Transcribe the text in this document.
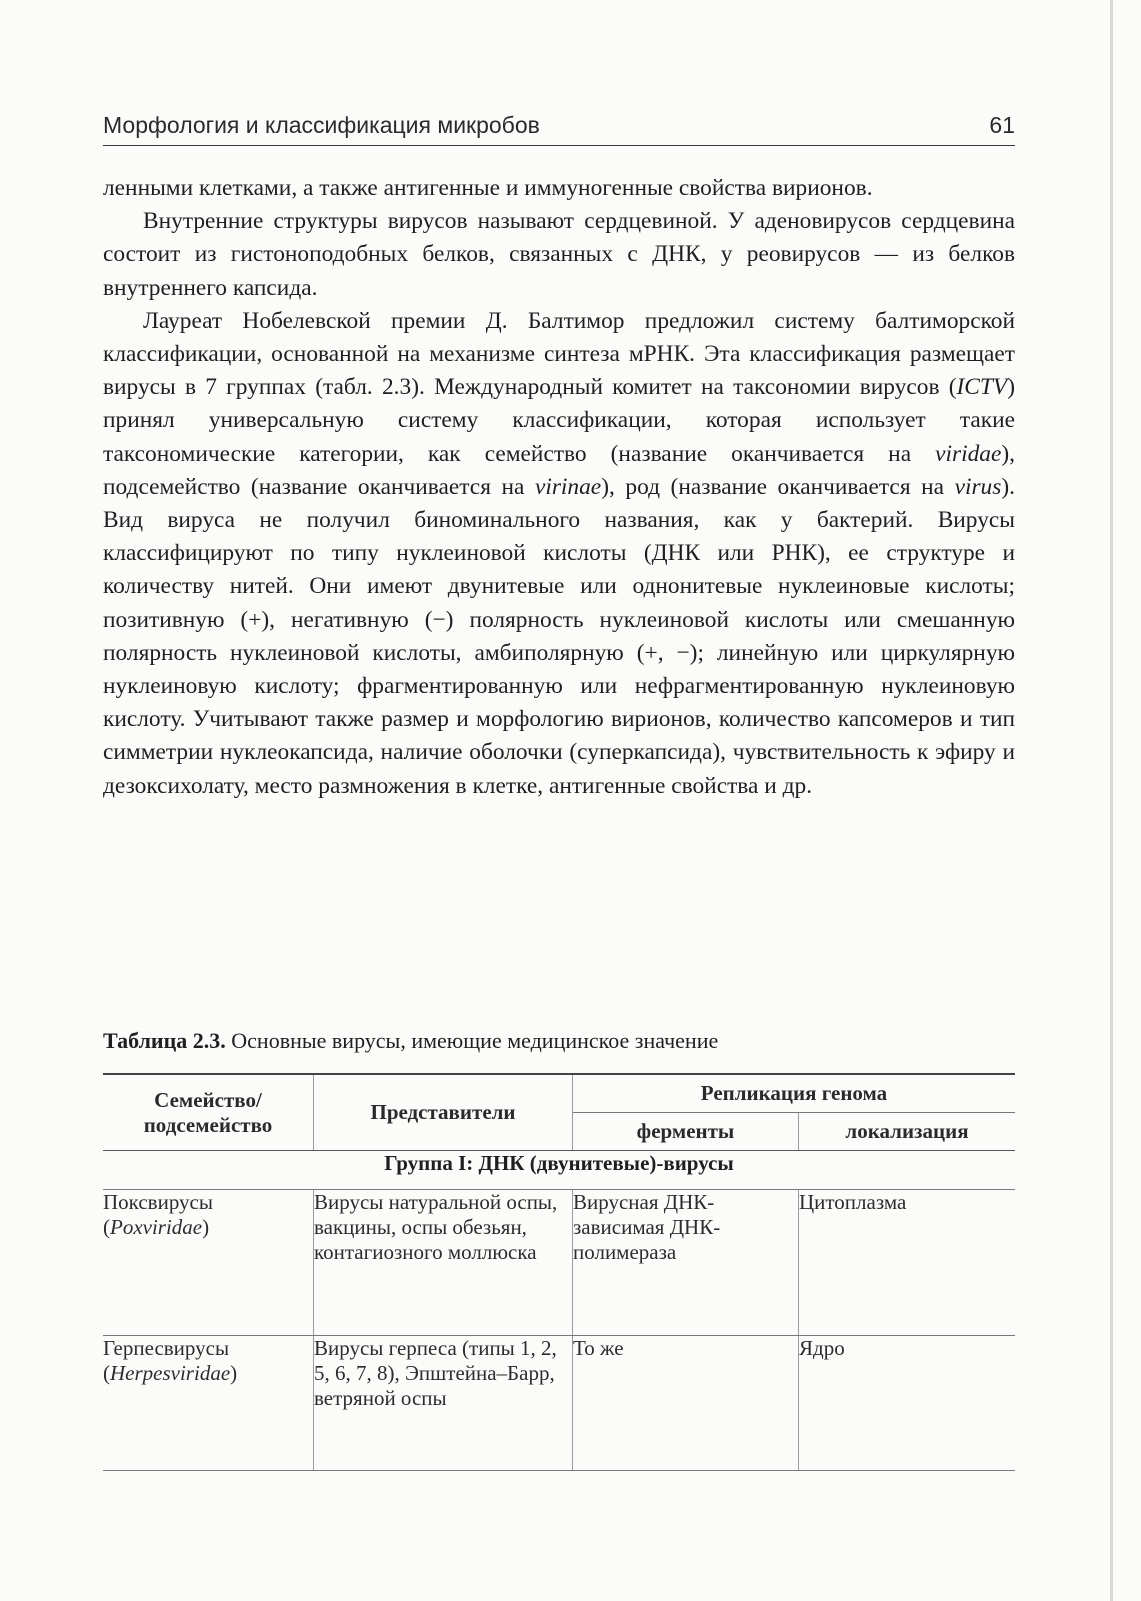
Морфология и классификация микробов	61

ленными клетками, а также антигенные и иммуногенные свойства вирионов.

Внутренние структуры вирусов называют сердцевиной. У аденовирусов сердцевина состоит из гистоноподобных белков, связанных с ДНК, у реовирусов — из белков внутреннего капсида.

Лауреат Нобелевской премии Д. Балтимор предложил систему балтиморской классификации, основанной на механизме синтеза мРНК. Эта классификация размещает вирусы в 7 группах (табл. 2.3). Международный комитет на таксономии вирусов (ICTV) принял универсальную систему классификации, которая использует такие таксономические категории, как семейство (название оканчивается на viridae), подсемейство (название оканчивается на virinae), род (название оканчивается на virus). Вид вируса не получил биноминального названия, как у бактерий. Вирусы классифицируют по типу нуклеиновой кислоты (ДНК или РНК), ее структуре и количеству нитей. Они имеют двунитевые или однонитевые нуклеиновые кислоты; позитивную (+), негативную (−) полярность нуклеиновой кислоты или смешанную полярность нуклеиновой кислоты, амбиполярную (+, −); линейную или циркулярную нуклеиновую кислоту; фрагментированную или нефрагментированную нуклеиновую кислоту. Учитывают также размер и морфологию вирионов, количество капсомеров и тип симметрии нуклеокапсида, наличие оболочки (суперкапсида), чувствительность к эфиру и дезоксихолату, место размножения в клетке, антигенные свойства и др.

Таблица 2.3. Основные вирусы, имеющие медицинское значение
Семейство/подсемейство	Представители	Репликация генома	
		ферменты	локализация
Группа I: ДНК (двунитевые)-вирусы			

Поксвирусы
(Poxviridae)	Вирусы натуральной оспы, вакцины, оспы обезьян, контагиозного моллюска	Вирусная ДНК-зависимая ДНК-полимераза	Цитоплазма

Герпесвирусы
(Herpesviridae)	Вирусы герпеса (типы 1, 2, 5, 6, 7, 8), Эпштейна–Барр, ветряной оспы	То же	Ядро
